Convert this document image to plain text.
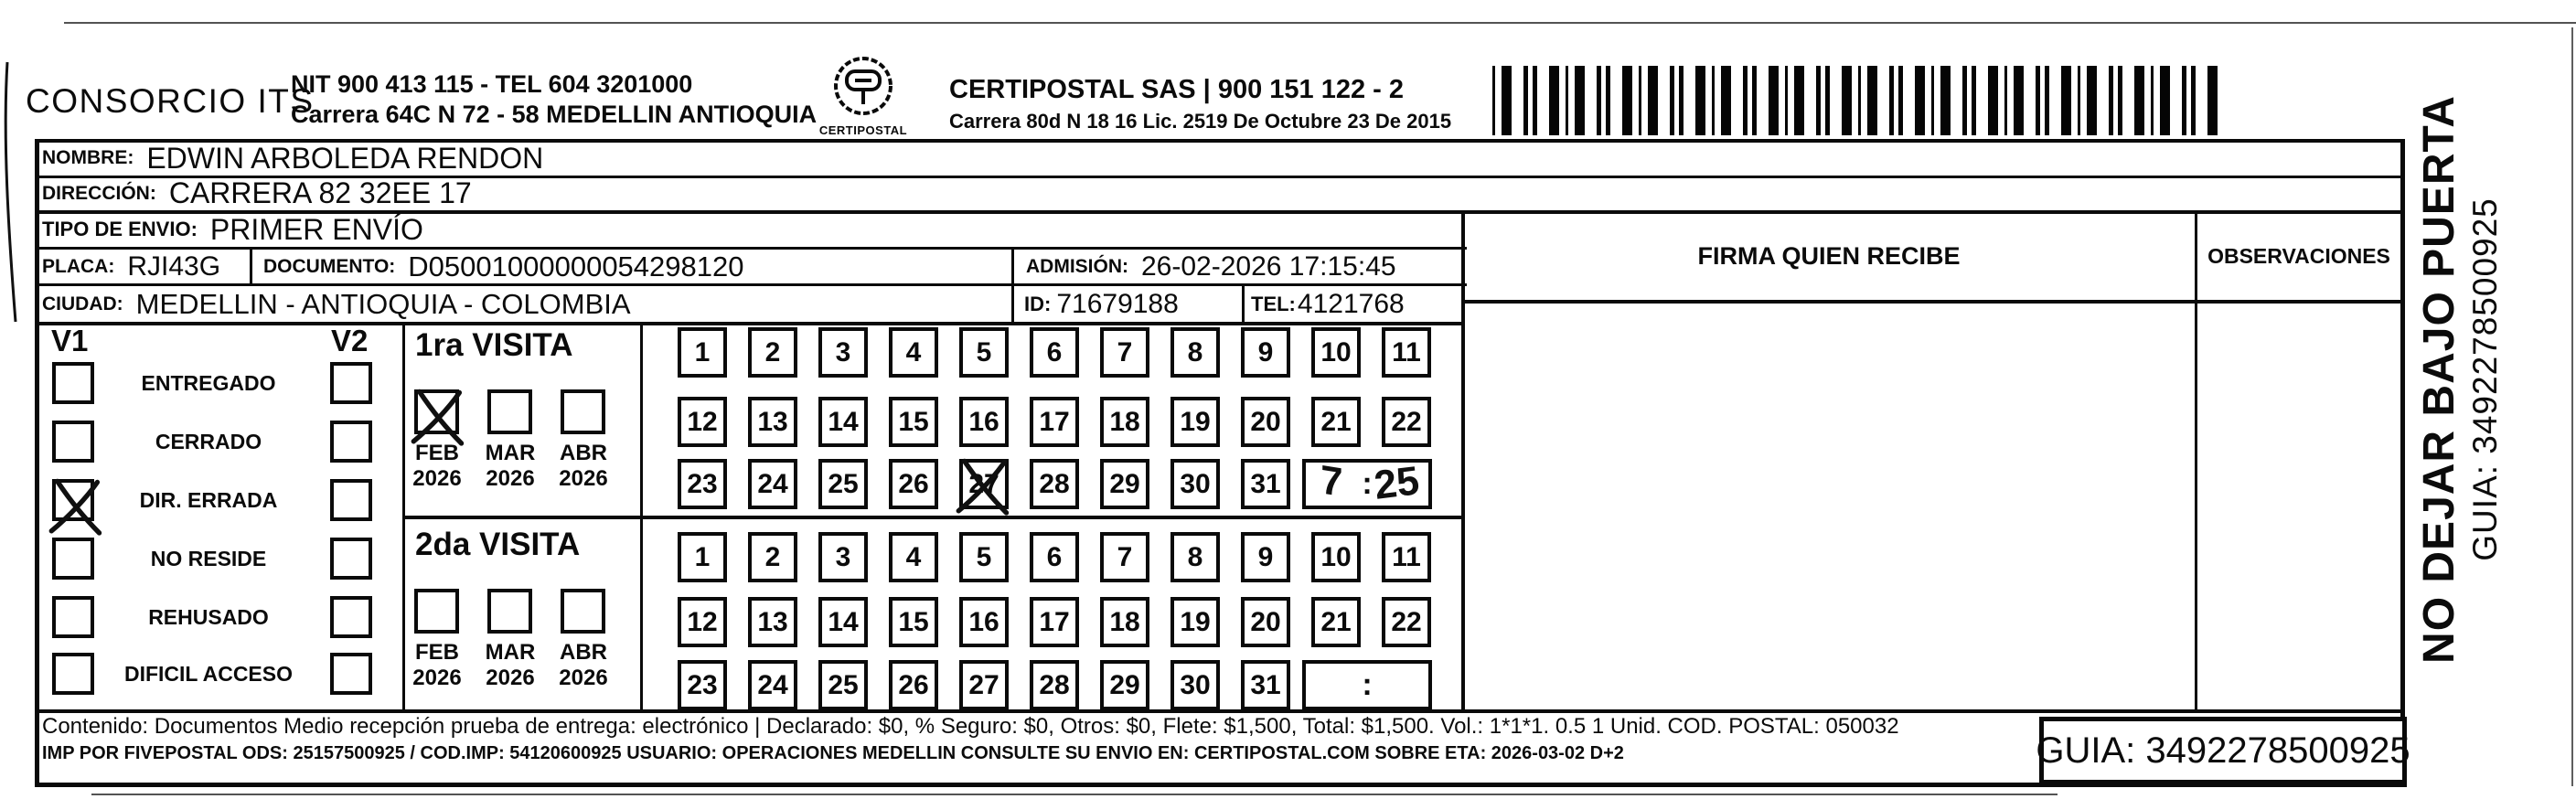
CONSORCIO ITS
NIT 900 413 115 - TEL 604 3201000
Carrera 64C N 72 - 58 MEDELLIN ANTIOQUIA
CERTIPOSTAL
CERTIPOSTAL SAS | 900 151 122 - 2
Carrera 80d N 18 16 Lic. 2519 De Octubre 23 De 2015
NOMBRE: EDWIN ARBOLEDA RENDON
DIRECCIÓN: CARRERA 82 32EE 17
TIPO DE ENVIO: PRIMER ENVÍO
PLACA: RJI43G DOCUMENTO: D05001000000054298120	ADMISIÓN: 26-02-2026 17:15:45
CIUDAD: MEDELLIN - ANTIOQUIA - COLOMBIA	ID: 71679188	TEL: 4121768
V1	V2
ENTREGADO
CERRADO
DIR. ERRADA
NO RESIDE
REHUSADO
DIFICIL ACCESO
1ra VISITA
FEB
2026
MAR
2026
ABR
2026
2da VISITA
FEB
2026
MAR
2026
ABR
2026
1 2 3 4 5 6 7 8 9 10 11
12 13 14 15 16 17 18 19 20 21 22
23 24 25 26 27 28 29 30 31	:
7 25
1 2 3 4 5 6 7 8 9 10 11
12 13 14 15 16 17 18 19 20 21 22
23 24 25 26 27 28 29 30 31	:
FIRMA QUIEN RECIBE	OBSERVACIONES
Contenido: Documentos Medio recepción prueba de entrega: electrónico | Declarado: $0, % Seguro: $0, Otros: $0, Flete: $1,500, Total: $1,500. Vol.: 1*1*1. 0.5 1 Unid. COD. POSTAL: 050032
IMP POR FIVEPOSTAL ODS: 25157500925 / COD.IMP: 54120600925 USUARIO: OPERACIONES MEDELLIN CONSULTE SU ENVIO EN: CERTIPOSTAL.COM SOBRE ETA: 2026-03-02 D+2	GUIA: 3492278500925
NO DEJAR BAJO PUERTA GUIA: 3492278500925
